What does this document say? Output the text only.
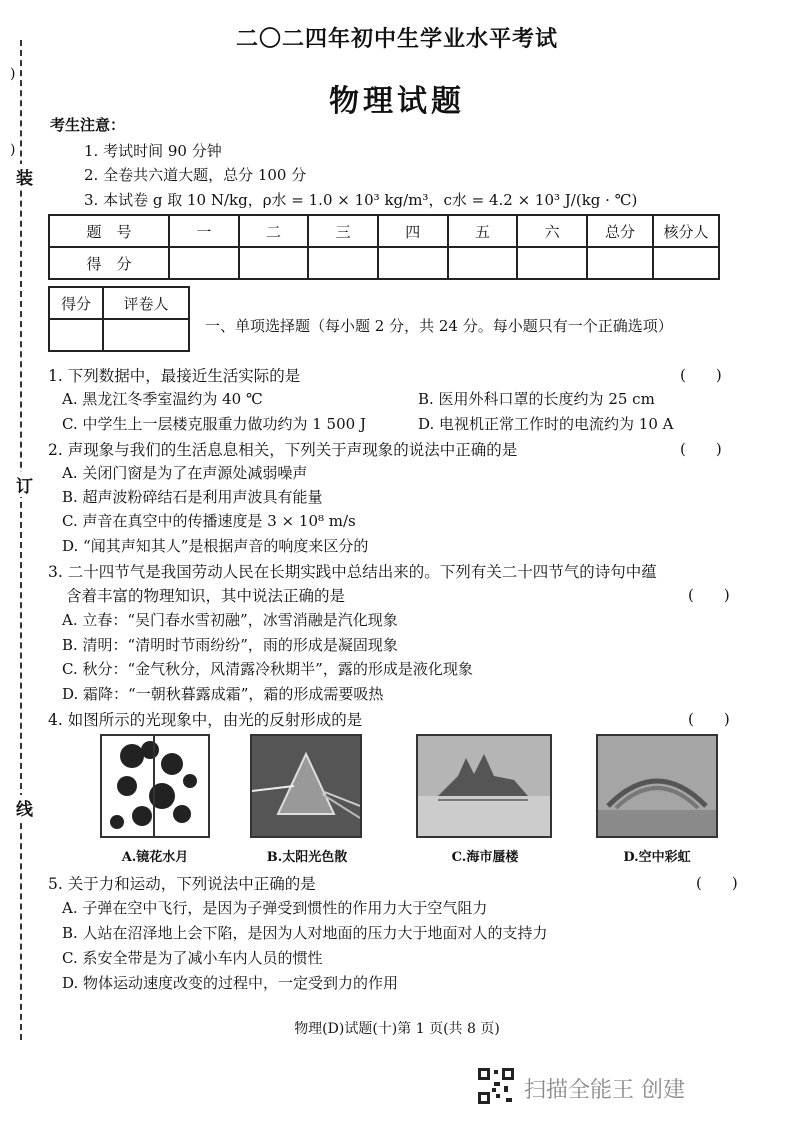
)
)
装
订
线
二〇二四年初中生学业水平考试
物理试题
考生注意：
1. 考试时间 90 分钟
2. 全卷共六道大题，总分 100 分
3. 本试卷 g 取 10 N/kg，ρ水 = 1.0 × 10³ kg/m³，c水 = 4.2 × 10³ J/(kg · ℃)
题　号	一	二	三	四	五	六	总分	核分人
得　分								
得分	评卷人

一、单项选择题（每小题 2 分，共 24 分。每小题只有一个正确选项）
1. 下列数据中，最接近生活实际的是	(　　)
A. 黑龙江冬季室温约为 40 ℃	B. 医用外科口罩的长度约为 25 cm
C. 中学生上一层楼克服重力做功约为 1 500 J	D. 电视机正常工作时的电流约为 10 A
2. 声现象与我们的生活息息相关，下列关于声现象的说法中正确的是	(　　)
A. 关闭门窗是为了在声源处减弱噪声
B. 超声波粉碎结石是利用声波具有能量
C. 声音在真空中的传播速度是 3 × 10⁸ m/s
D. “闻其声知其人”是根据声音的响度来区分的
3. 二十四节气是我国劳动人民在长期实践中总结出来的。下列有关二十四节气的诗句中蕴
含着丰富的物理知识，其中说法正确的是	(　　)
A. 立春：“吴门春水雪初融”，冰雪消融是汽化现象
B. 清明：“清明时节雨纷纷”，雨的形成是凝固现象
C. 秋分：“金气秋分，风清露冷秋期半”，露的形成是液化现象
D. 霜降：“一朝秋暮露成霜”，霜的形成需要吸热
4. 如图所示的光现象中，由光的反射形成的是	(　　)
A.镜花水月	B.太阳光色散	C.海市蜃楼	D.空中彩虹
5. 关于力和运动，下列说法中正确的是	(　　)
A. 子弹在空中飞行，是因为子弹受到惯性的作用力大于空气阻力
B. 人站在沼泽地上会下陷，是因为人对地面的压力大于地面对人的支持力
C. 系安全带是为了减小车内人员的惯性
D. 物体运动速度改变的过程中，一定受到力的作用
物理(D)试题(十)第 1 页(共 8 页)
扫描全能王 创建
